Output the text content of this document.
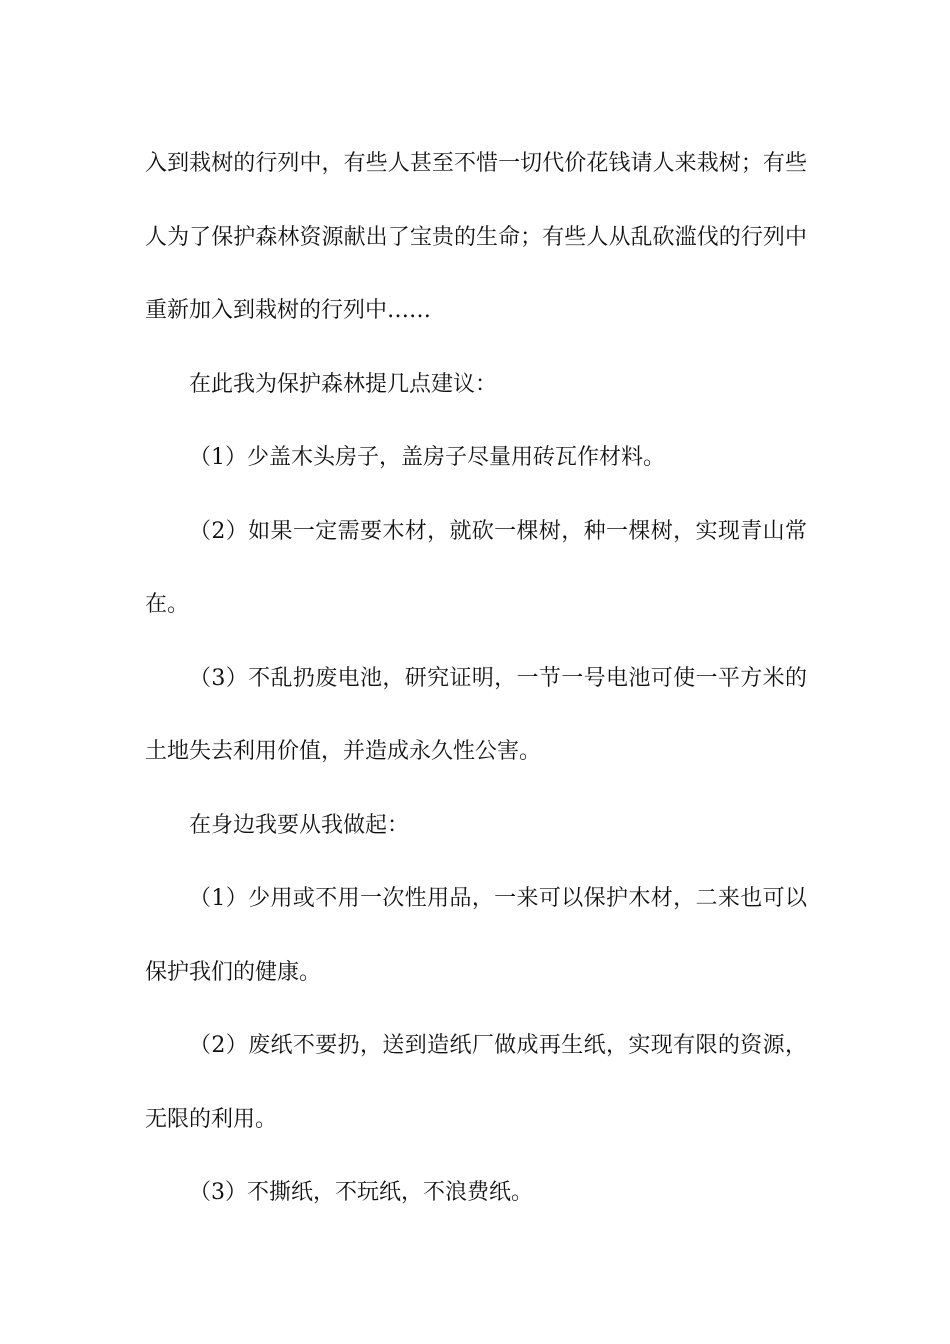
入到栽树的行列中，有些人甚至不惜一切代价花钱请人来栽树；有些人为了保护森林资源献出了宝贵的生命；有些人从乱砍滥伐的行列中重新加入到栽树的行列中……

在此我为保护森林提几点建议：

（1）少盖木头房子，盖房子尽量用砖瓦作材料。

（2）如果一定需要木材，就砍一棵树，种一棵树，实现青山常在。

（3）不乱扔废电池，研究证明，一节一号电池可使一平方米的土地失去利用价值，并造成永久性公害。

在身边我要从我做起：

（1）少用或不用一次性用品，一来可以保护木材，二来也可以保护我们的健康。

（2）废纸不要扔，送到造纸厂做成再生纸，实现有限的资源，无限的利用。

（3）不撕纸，不玩纸，不浪费纸。
